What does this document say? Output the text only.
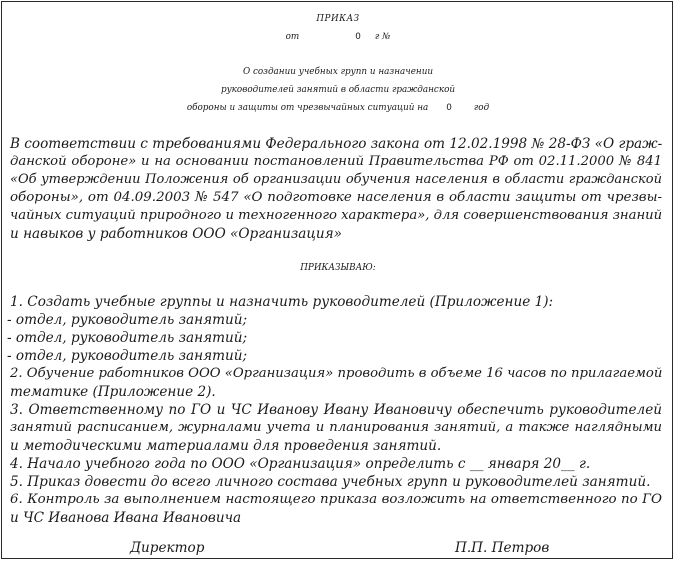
ПРИКАЗ
от	0 г №
О создании учебных групп и назначении
руководителей занятий в области гражданской
обороны и защиты от чрезвычайных ситуаций на 0	год
В соответствии с требованиями Федерального закона от 12.02.1998 № 28-ФЗ «О граж-
данской обороне» и на основании постановлений Правительства РФ от 02.11.2000 № 841
«Об утверждении Положения об организации обучения населения в области гражданской
обороны», от 04.09.2003 № 547 «О подготовке населения в области защиты от чрезвы-
чайных ситуаций природного и техногенного характера», для совершенствования знаний
и навыков у работников ООО «Организация»
ПРИКАЗЫВАЮ:
1. Создать учебные группы и назначить руководителей (Приложение 1):
- отдел, руководитель занятий;
- отдел, руководитель занятий;
- отдел, руководитель занятий;
2. Обучение работников ООО «Организация» проводить в объеме 16 часов по прилагаемой
тематике (Приложение 2).
3. Ответственному по ГО и ЧС Иванову Ивану Ивановичу обеспечить руководителей
занятий расписанием, журналами учета и планирования занятий, а также наглядными
и методическими материалами для проведения занятий.
4. Начало учебного года по ООО «Организация» определить с __ января 20__ г.
5. Приказ довести до всего личного состава учебных групп и руководителей занятий.
6. Контроль за выполнением настоящего приказа возложить на ответственного по ГО
и ЧС Иванова Ивана Ивановича
Директор	П.П. Петров
